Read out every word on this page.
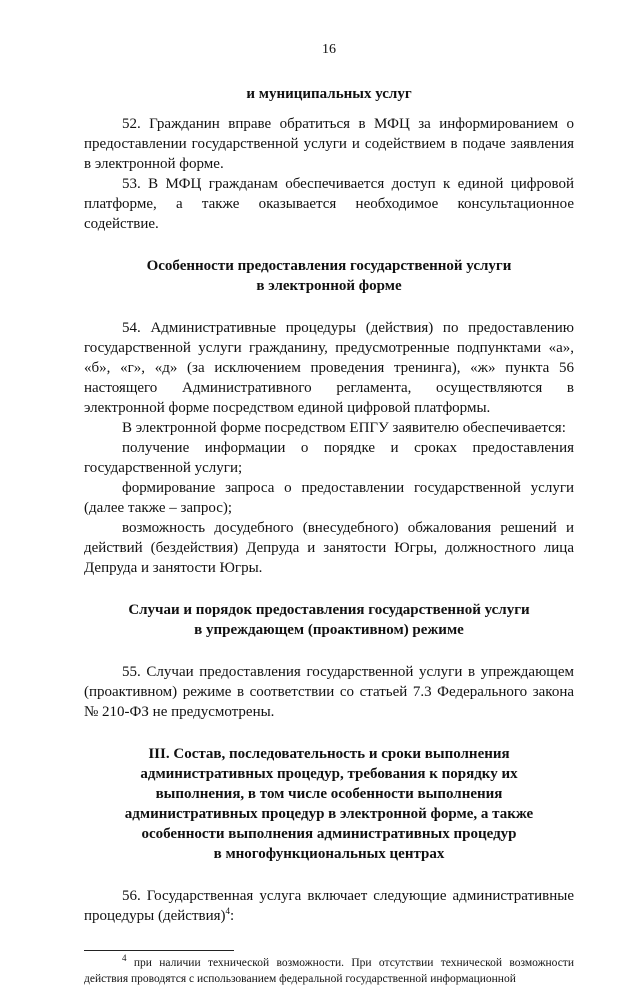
16

и муниципальных услуг

52. Гражданин вправе обратиться в МФЦ за информированием о предоставлении государственной услуги и содействием в подаче заявления в электронной форме.

53. В МФЦ гражданам обеспечивается доступ к единой цифровой платформе, а также оказывается необходимое консультационное содействие.

Особенности предоставления государственной услуги
в электронной форме

54. Административные процедуры (действия) по предоставлению государственной услуги гражданину, предусмотренные подпунктами «а», «б», «г», «д» (за исключением проведения тренинга), «ж» пункта 56 настоящего Административного регламента, осуществляются в электронной форме посредством единой цифровой платформы.

В электронной форме посредством ЕПГУ заявителю обеспечивается:

получение информации о порядке и сроках предоставления государственной услуги;

формирование запроса о предоставлении государственной услуги (далее также – запрос);

возможность досудебного (внесудебного) обжалования решений и действий (бездействия) Депруда и занятости Югры, должностного лица Депруда и занятости Югры.

Случаи и порядок предоставления государственной услуги
в упреждающем (проактивном) режиме

55. Случаи предоставления государственной услуги в упреждающем (проактивном) режиме в соответствии со статьей 7.3 Федерального закона № 210-ФЗ не предусмотрены.

III. Состав, последовательность и сроки выполнения
административных процедур, требования к порядку их
выполнения, в том числе особенности выполнения
административных процедур в электронной форме, а также
особенности выполнения административных процедур
в многофункциональных центрах

56. Государственная услуга включает следующие административные процедуры (действия)$^4$:

$^4$ при наличии технической возможности. При отсутствии технической возможности действия проводятся с использованием федеральной государственной информационной
